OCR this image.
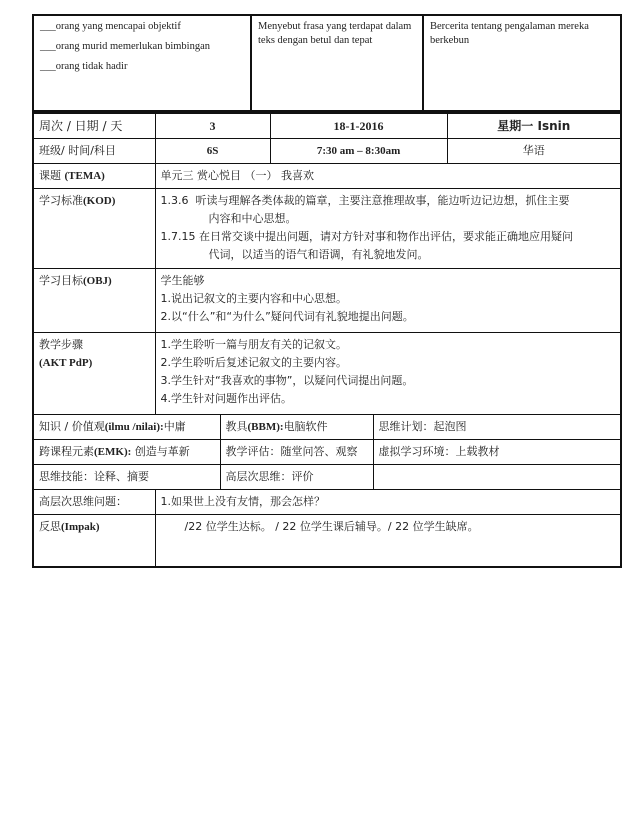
___orang yang mencapai objektif
___orang murid memerlukan bimbingan
___orang tidak hadir
	Menyebut frasa yang terdapat dalam teks dengan betul dan tepat	Bercerita tentang pengalaman mereka berkebun
周次 / 日期 / 天	3		18-1-2016		星期一 Isnin
班级/ 时间/科目	6S		7:30 am – 8:30am		华语
课题 (TEMA)	单元三 赏心悦目 （一） 我喜欢				
学习标准(KOD)	1.3.6 听读与理解各类体裁的篇章，主要注意推理故事，能边听边记边想，抓住主要
内容和中心思想。
1.7.15 在日常交谈中提出问题，请对方针对事和物作出评估，要求能正确地应用疑问
代词，以适当的语气和语调，有礼貌地发问。				

学习目标(OBJ)	学生能够
1.说出记叙文的主要内容和中心思想。
2.以“什么”和“为什么”疑问代词有礼貌地提出问题。				

教学步骤
(AKT PdP)	1.学生聆听一篇与朋友有关的记叙文。
2.学生聆听后复述记叙文的主要内容。
3.学生针对“我喜欢的事物”，以疑问代词提出问题。
4.学生针对问题作出评估。				

知识 / 价值观(ilmu /nilai):中庸		教具(BBM):电脑软件		思维计划：起泡图	
跨课程元素(EMK): 创造与革新		教学评估：随堂问答、观察		虚拟学习环境：上载教材	
思维技能：诠释、摘要		高层次思维：评价			
高层次思维问题：	1.如果世上没有友情，那会怎样？				
反思(Impak)	/22 位学生达标。 / 22 位学生课后辅导。/ 22 位学生缺席。				
